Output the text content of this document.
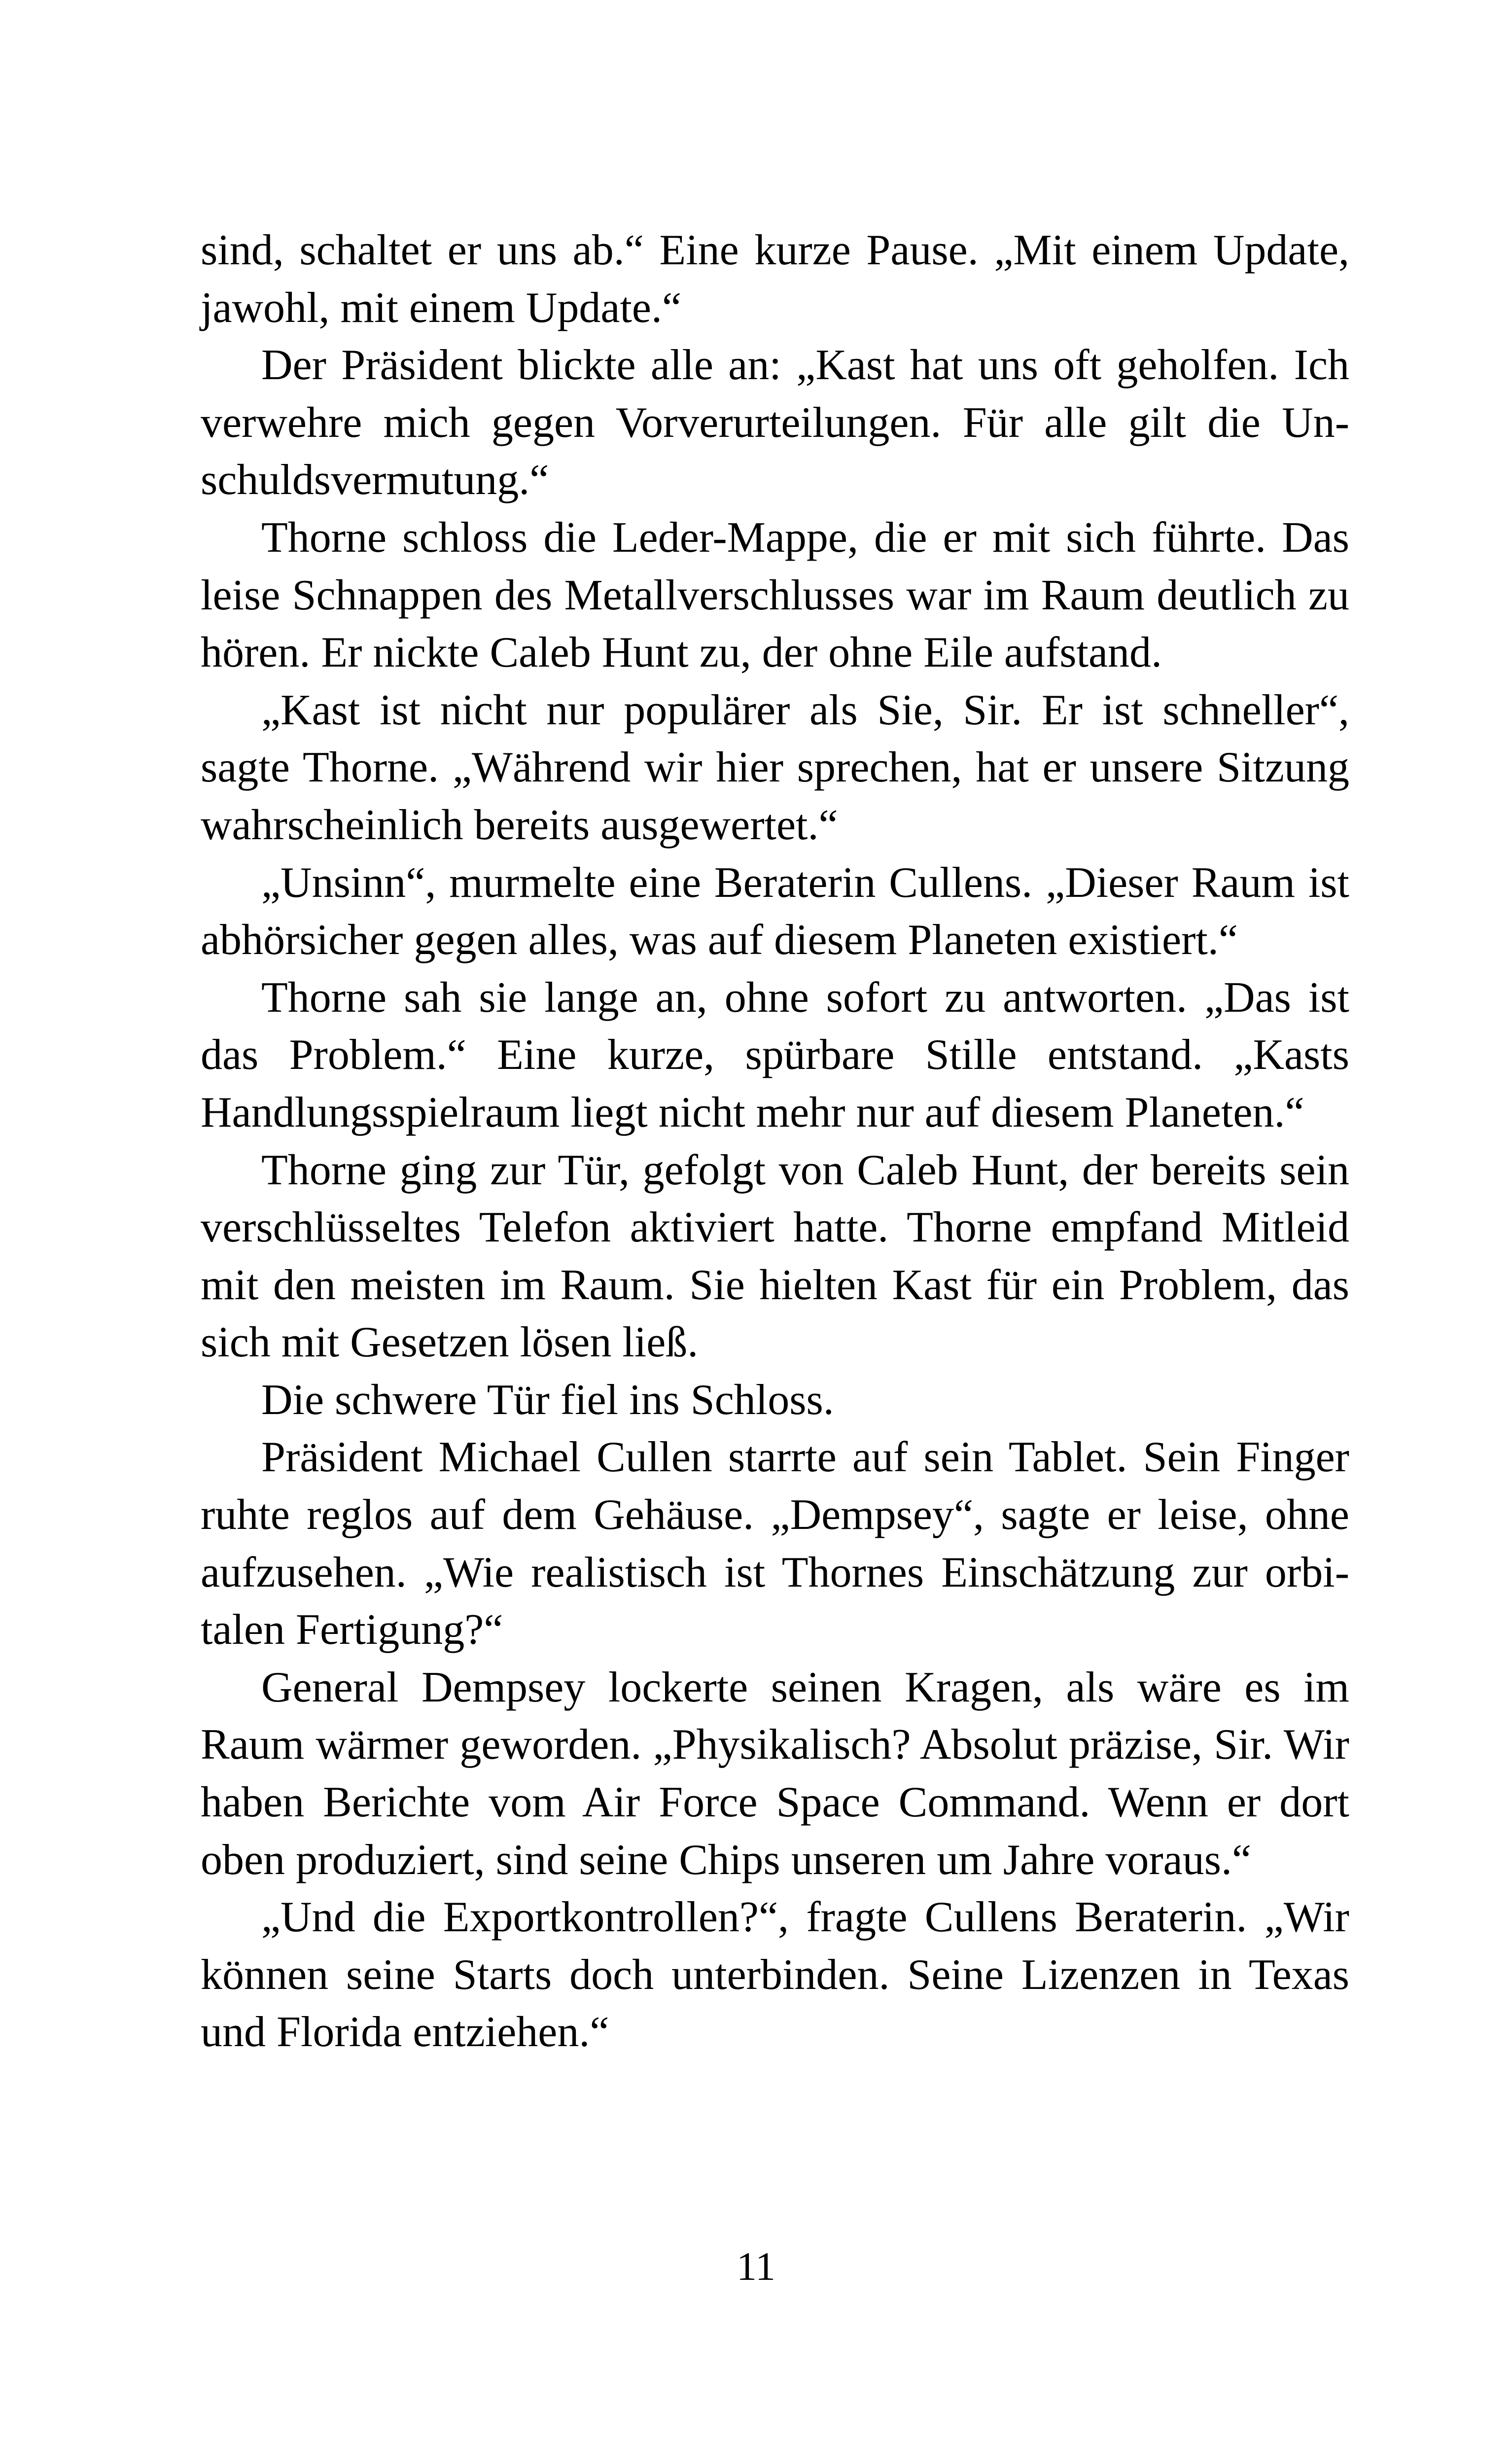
sind, schaltet er uns ab.“ Eine kurze Pause. „Mit einem Update, jawohl, mit einem Update.“

Der Präsident blickte alle an: „Kast hat uns oft geholfen. Ich verwehre mich gegen Vorverurteilungen. Für alle gilt die Unschuldsvermutung.“

Thorne schloss die Leder-Mappe, die er mit sich führte. Das leise Schnappen des Metallverschlusses war im Raum deutlich zu hören. Er nickte Caleb Hunt zu, der ohne Eile aufstand.

„Kast ist nicht nur populärer als Sie, Sir. Er ist schneller“, sagte Thorne. „Während wir hier sprechen, hat er unsere Sitzung wahrscheinlich bereits ausgewertet.“

„Unsinn“, murmelte eine Beraterin Cullens. „Dieser Raum ist abhörsicher gegen alles, was auf diesem Planeten existiert.“

Thorne sah sie lange an, ohne sofort zu antworten. „Das ist das Problem.“ Eine kurze, spürbare Stille entstand. „Kasts Handlungsspielraum liegt nicht mehr nur auf diesem Planeten.“

Thorne ging zur Tür, gefolgt von Caleb Hunt, der bereits sein verschlüsseltes Telefon aktiviert hatte. Thorne empfand Mitleid mit den meisten im Raum. Sie hielten Kast für ein Problem, das sich mit Gesetzen lösen ließ.

Die schwere Tür fiel ins Schloss.

Präsident Michael Cullen starrte auf sein Tablet. Sein Finger ruhte reglos auf dem Gehäuse. „Dempsey“, sagte er leise, ohne aufzusehen. „Wie realistisch ist Thornes Einschätzung zur orbitalen Fertigung?“

General Dempsey lockerte seinen Kragen, als wäre es im Raum wärmer geworden. „Physikalisch? Absolut präzise, Sir. Wir haben Berichte vom Air Force Space Command. Wenn er dort oben produziert, sind seine Chips unseren um Jahre voraus.“

„Und die Exportkontrollen?“, fragte Cullens Beraterin. „Wir können seine Starts doch unterbinden. Seine Lizenzen in Texas und Florida entziehen.“

11
